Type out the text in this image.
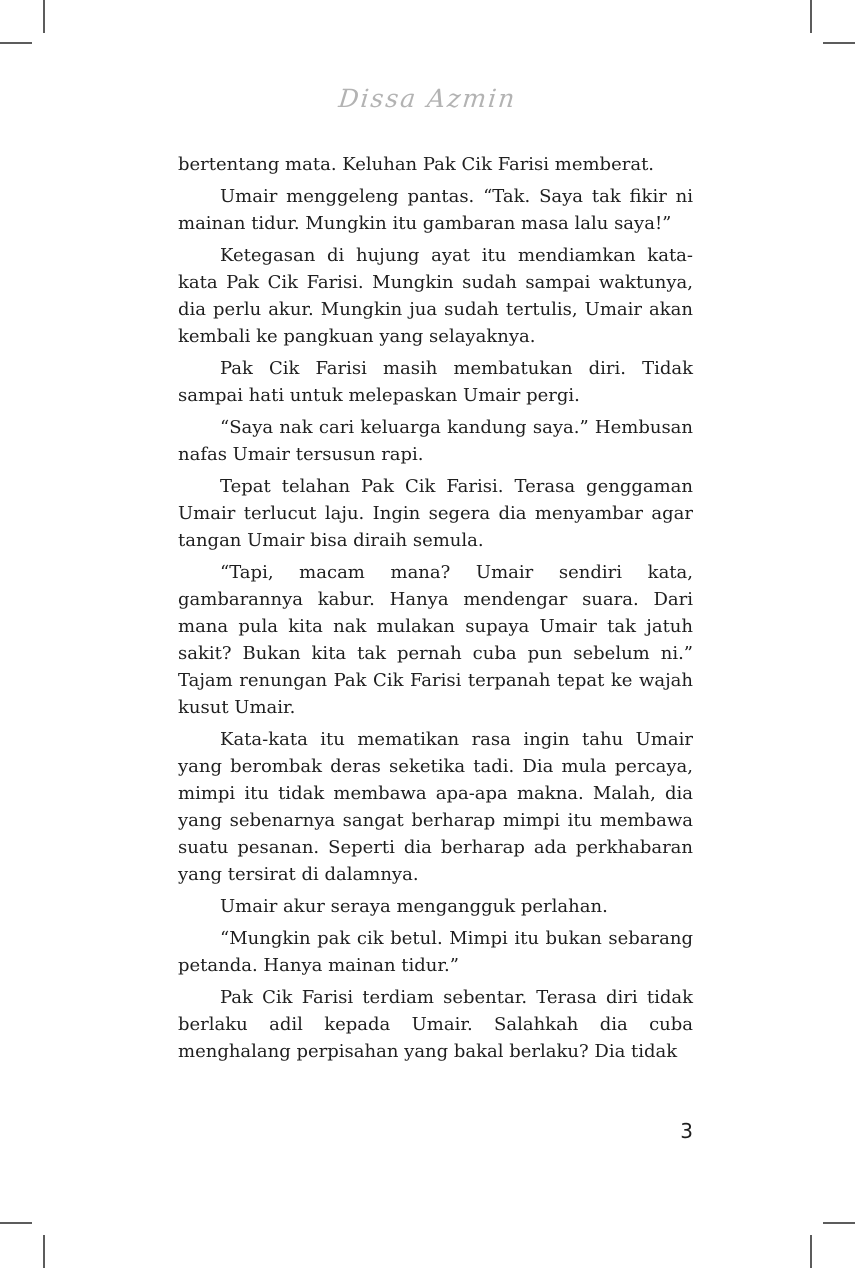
Dissa Azmin

bertentang mata. Keluhan Pak Cik Farisi memberat.

Umair menggeleng pantas. “Tak. Saya tak fikir ni mainan tidur. Mungkin itu gambaran masa lalu saya!”

Ketegasan di hujung ayat itu mendiamkan kata-kata Pak Cik Farisi. Mungkin sudah sampai waktunya, dia perlu akur. Mungkin jua sudah tertulis, Umair akan kembali ke pangkuan yang selayaknya.

Pak Cik Farisi masih membatukan diri. Tidak sampai hati untuk melepaskan Umair pergi.

“Saya nak cari keluarga kandung saya.” Hembusan nafas Umair tersusun rapi.

Tepat telahan Pak Cik Farisi. Terasa genggaman Umair terlucut laju. Ingin segera dia menyambar agar tangan Umair bisa diraih semula.

“Tapi, macam mana? Umair sendiri kata, gambarannya kabur. Hanya mendengar suara. Dari mana pula kita nak mulakan supaya Umair tak jatuh sakit? Bukan kita tak pernah cuba pun sebelum ni.” Tajam renungan Pak Cik Farisi terpanah tepat ke wajah kusut Umair.

Kata-kata itu mematikan rasa ingin tahu Umair yang berombak deras seketika tadi. Dia mula percaya, mimpi itu tidak membawa apa-apa makna. Malah, dia yang sebenarnya sangat berharap mimpi itu membawa suatu pesanan. Seperti dia berharap ada perkhabaran yang tersirat di dalamnya.

Umair akur seraya mengangguk perlahan.

“Mungkin pak cik betul. Mimpi itu bukan sebarang petanda. Hanya mainan tidur.”

Pak Cik Farisi terdiam sebentar. Terasa diri tidak berlaku adil kepada Umair. Salahkah dia cuba menghalang perpisahan yang bakal berlaku? Dia tidak

3
